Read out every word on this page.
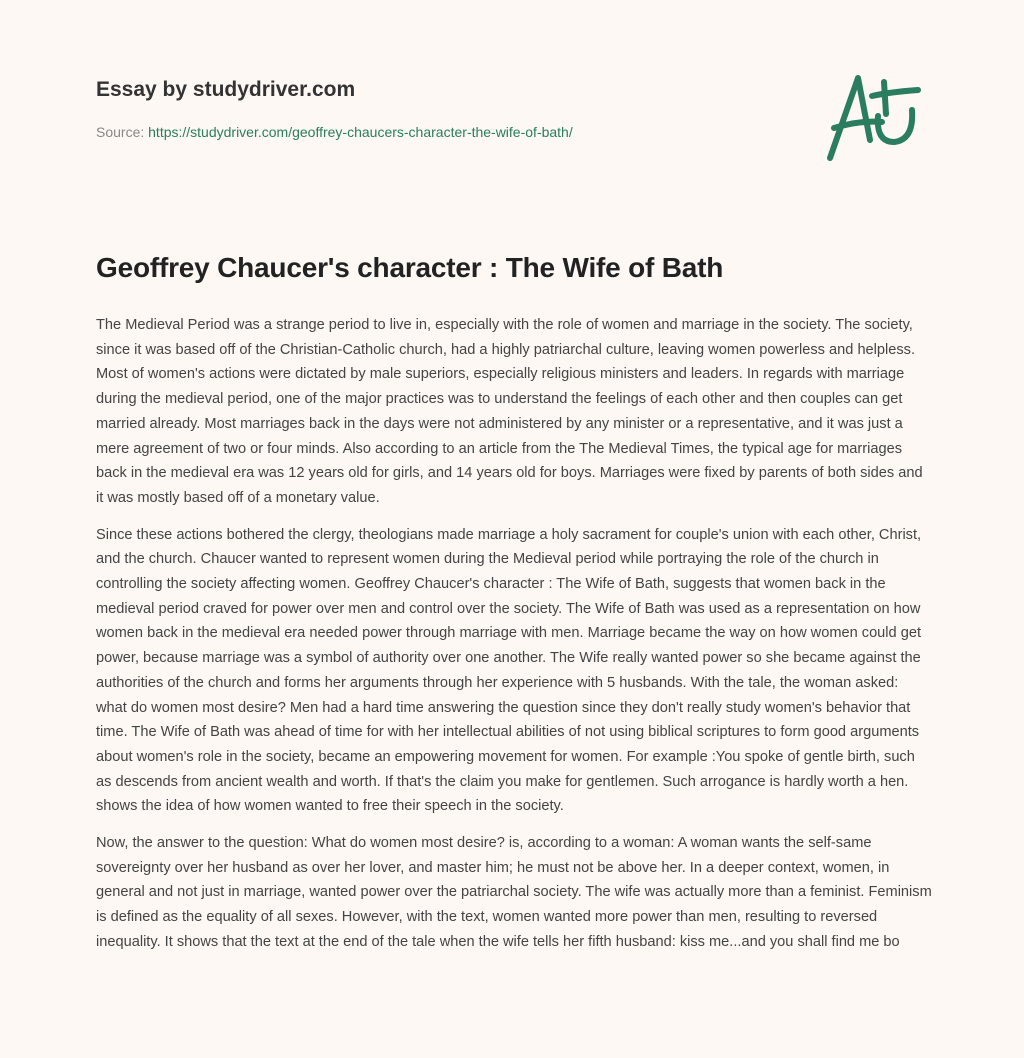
Essay by studydriver.com
Source: https://studydriver.com/geoffrey-chaucers-character-the-wife-of-bath/
Geoffrey Chaucer's character : The Wife of Bath

The Medieval Period was a strange period to live in, especially with the role of women and marriage in the society. The society, since it was based off of the Christian-Catholic church, had a highly patriarchal culture, leaving women powerless and helpless. Most of women's actions were dictated by male superiors, especially religious ministers and leaders. In regards with marriage during the medieval period, one of the major practices was to understand the feelings of each other and then couples can get married already. Most marriages back in the days were not administered by any minister or a representative, and it was just a mere agreement of two or four minds. Also according to an article from the The Medieval Times, the typical age for marriages back in the medieval era was 12 years old for girls, and 14 years old for boys. Marriages were fixed by parents of both sides and it was mostly based off of a monetary value.

Since these actions bothered the clergy, theologians made marriage a holy sacrament for couple's union with each other, Christ, and the church. Chaucer wanted to represent women during the Medieval period while portraying the role of the church in controlling the society affecting women. Geoffrey Chaucer's character : The Wife of Bath, suggests that women back in the medieval period craved for power over men and control over the society. The Wife of Bath was used as a representation on how women back in the medieval era needed power through marriage with men. Marriage became the way on how women could get power, because marriage was a symbol of authority over one another. The Wife really wanted power so she became against the authorities of the church and forms her arguments through her experience with 5 husbands. With the tale, the woman asked: what do women most desire? Men had a hard time answering the question since they don't really study women's behavior that time. The Wife of Bath was ahead of time for with her intellectual abilities of not using biblical scriptures to form good arguments about women's role in the society, became an empowering movement for women. For example :You spoke of gentle birth, such as descends from ancient wealth and worth. If that's the claim you make for gentlemen. Such arrogance is hardly worth a hen. shows the idea of how women wanted to free their speech in the society.

Now, the answer to the question: What do women most desire? is, according to a woman: A woman wants the self-same sovereignty over her husband as over her lover, and master him; he must not be above her. In a deeper context, women, in general and not just in marriage, wanted power over the patriarchal society. The wife was actually more than a feminist. Feminism is defined as the equality of all sexes. However, with the text, women wanted more power than men, resulting to reversed inequality. It shows that the text at the end of the tale when the wife tells her fifth husband: kiss me...and you shall find me bo
